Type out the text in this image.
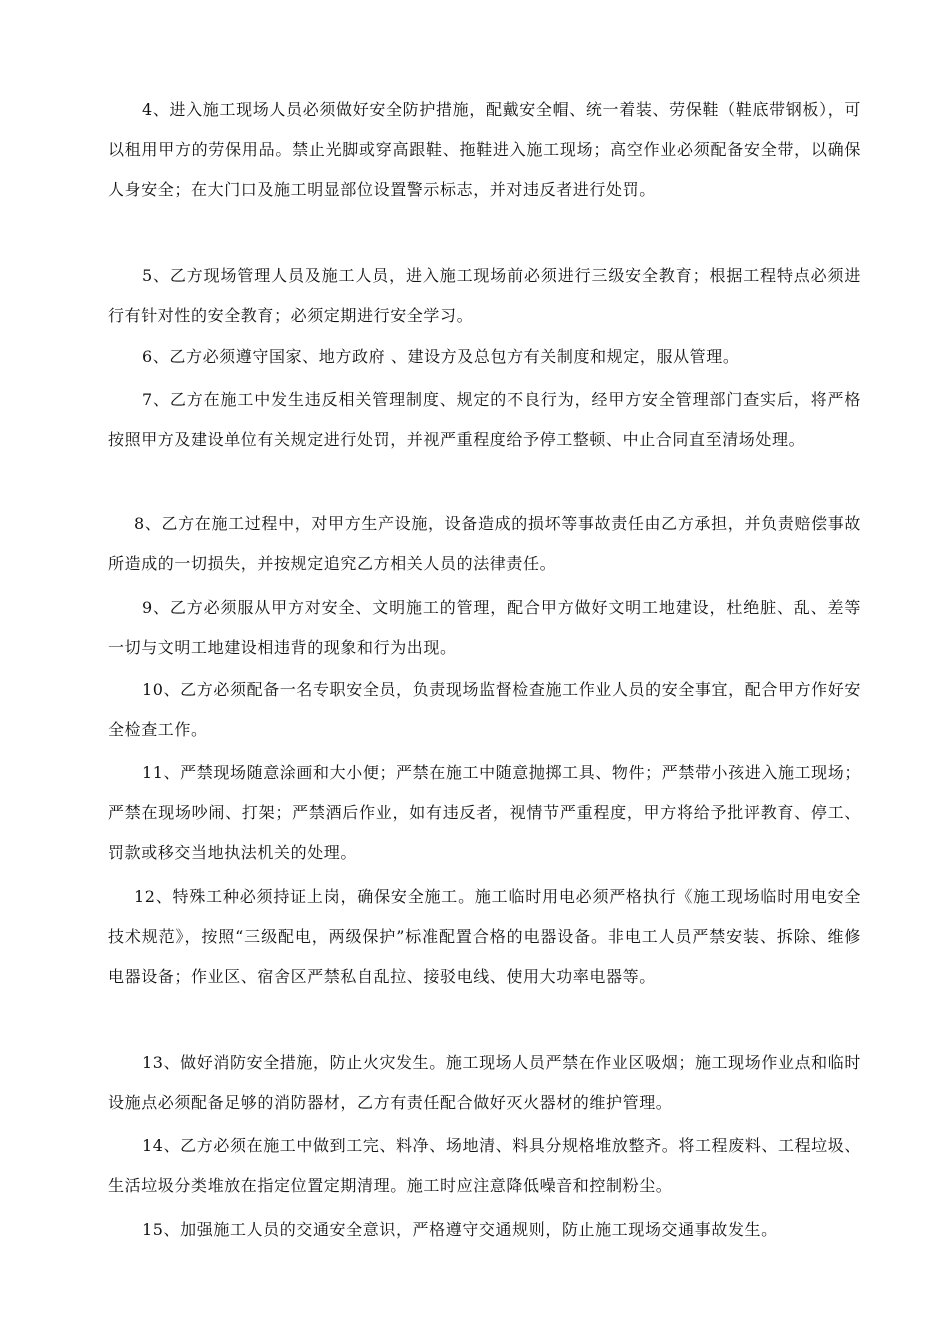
4、进入施工现场人员必须做好安全防护措施，配戴安全帽、统一着装、劳保鞋（鞋底带钢板），可以租用甲方的劳保用品。禁止光脚或穿高跟鞋、拖鞋进入施工现场；高空作业必须配备安全带，以确保人身安全；在大门口及施工明显部位设置警示标志，并对违反者进行处罚。

5、乙方现场管理人员及施工人员，进入施工现场前必须进行三级安全教育；根据工程特点必须进行有针对性的安全教育；必须定期进行安全学习。

6、乙方必须遵守国家、地方政府 、建设方及总包方有关制度和规定，服从管理。

7、乙方在施工中发生违反相关管理制度、规定的不良行为，经甲方安全管理部门查实后，将严格按照甲方及建设单位有关规定进行处罚，并视严重程度给予停工整顿、中止合同直至清场处理。

8、乙方在施工过程中，对甲方生产设施，设备造成的损坏等事故责任由乙方承担，并负责赔偿事故所造成的一切损失，并按规定追究乙方相关人员的法律责任。

9、乙方必须服从甲方对安全、文明施工的管理，配合甲方做好文明工地建设，杜绝脏、乱、差等一切与文明工地建设相违背的现象和行为出现。

10、乙方必须配备一名专职安全员，负责现场监督检查施工作业人员的安全事宜，配合甲方作好安全检查工作。

11、严禁现场随意涂画和大小便；严禁在施工中随意抛掷工具、物件；严禁带小孩进入施工现场；严禁在现场吵闹、打架；严禁酒后作业，如有违反者，视情节严重程度，甲方将给予批评教育、停工、罚款或移交当地执法机关的处理。

12、特殊工种必须持证上岗，确保安全施工。施工临时用电必须严格执行《施工现场临时用电安全技术规范》，按照“三级配电，两级保护”标准配置合格的电器设备。非电工人员严禁安装、拆除、维修电器设备；作业区、宿舍区严禁私自乱拉、接驳电线、使用大功率电器等。

13、做好消防安全措施，防止火灾发生。施工现场人员严禁在作业区吸烟；施工现场作业点和临时设施点必须配备足够的消防器材，乙方有责任配合做好灭火器材的维护管理。

14、乙方必须在施工中做到工完、料净、场地清、料具分规格堆放整齐。将工程废料、工程垃圾、生活垃圾分类堆放在指定位置定期清理。施工时应注意降低噪音和控制粉尘。

15、加强施工人员的交通安全意识，严格遵守交通规则，防止施工现场交通事故发生。
